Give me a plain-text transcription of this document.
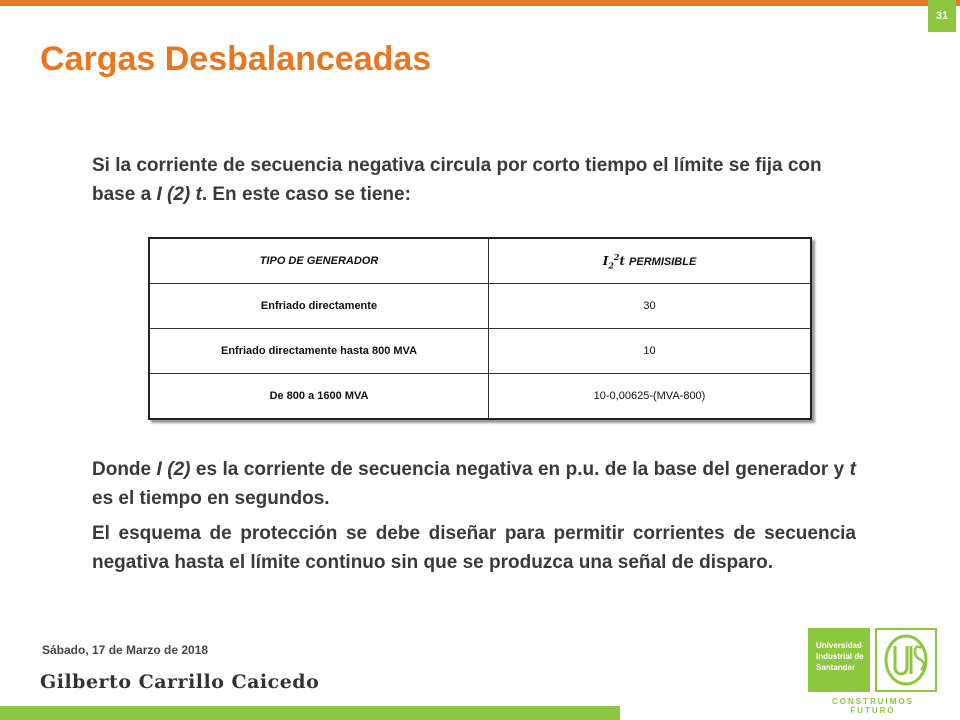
31
Cargas Desbalanceadas

Si la corriente de secuencia negativa circula por corto tiempo el límite se fija con base a I (2) t. En este caso se tiene:

TIPO DE GENERADOR	$I_2^2t$ PERMISIBLE
Enfriado directamente	30
Enfriado directamente hasta 800 MVA	10
De 800 a 1600 MVA	10-0,00625-(MVA-800)

Donde I (2) es la corriente de secuencia negativa en p.u. de la base del generador y t es el tiempo en segundos.

El esquema de protección se debe diseñar para permitir corrientes de secuencia negativa hasta el límite continuo sin que se produzca una señal de disparo.

Sábado, 17 de Marzo de 2018
Gilberto Carrillo Caicedo
Universidad
Industrial de
Santander
CONSTRUIMOS FUTURO
